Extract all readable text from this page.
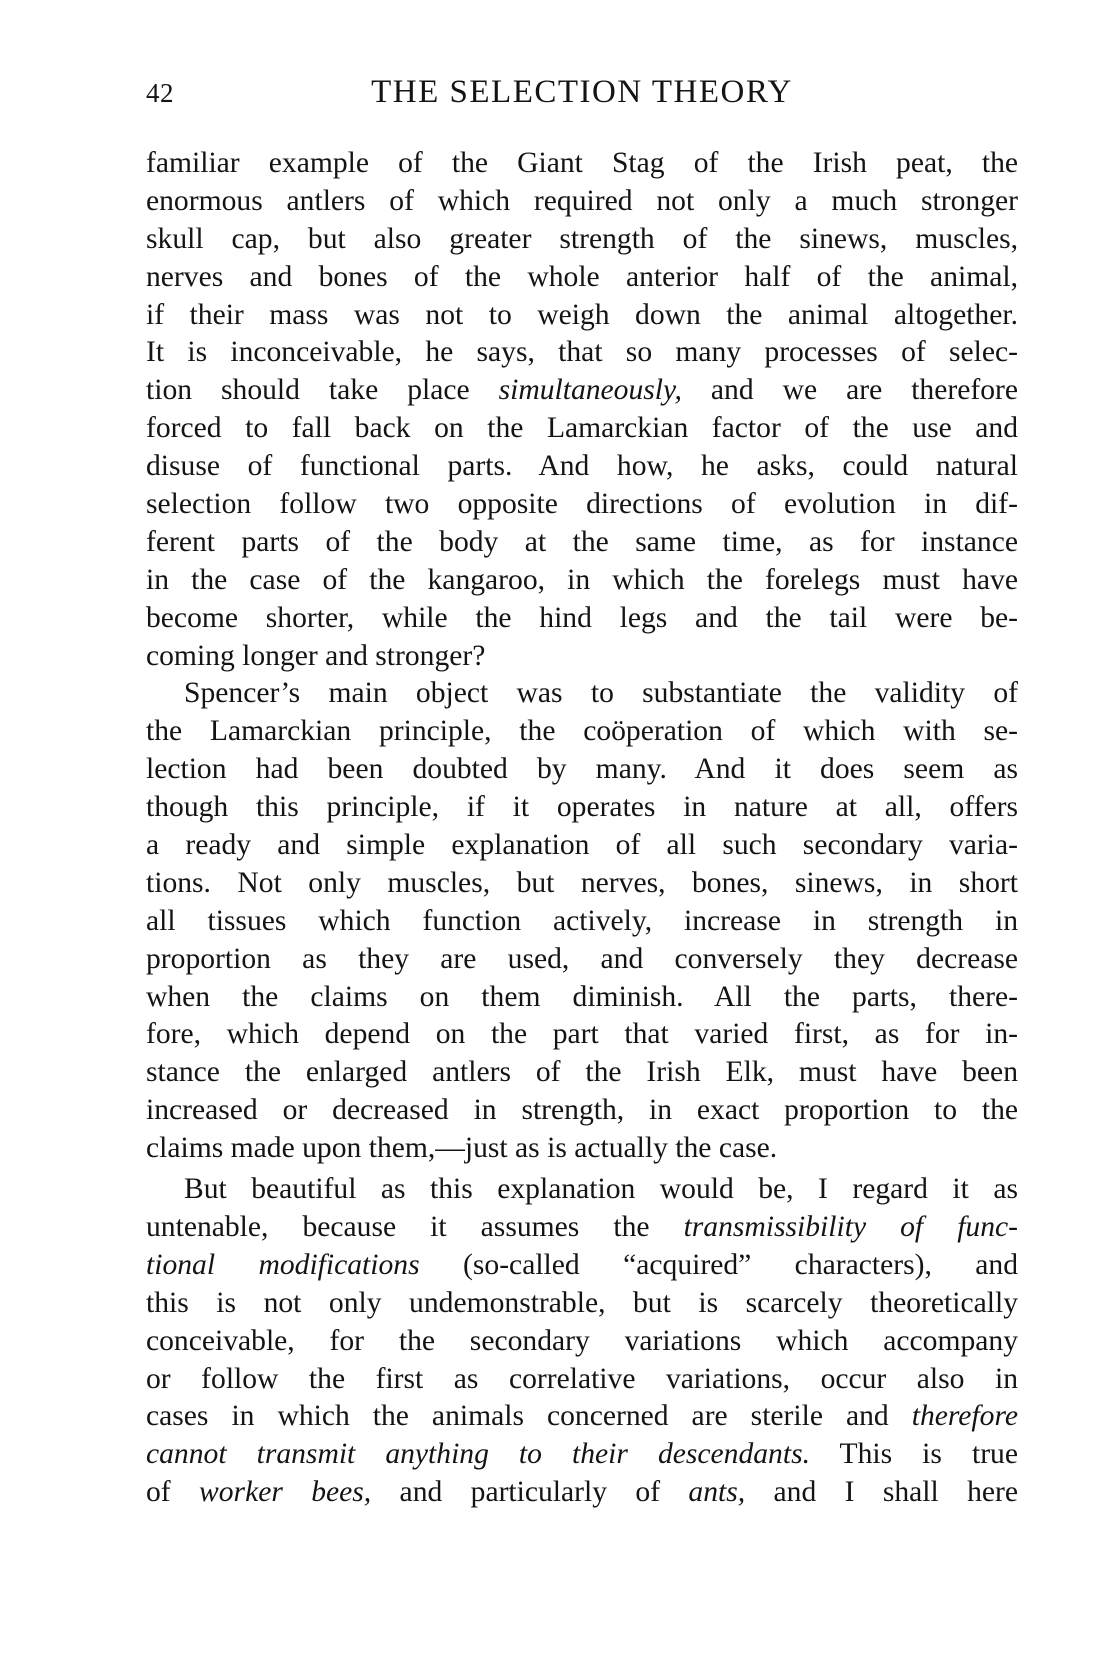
42	THE SELECTION THEORY
familiar example of the Giant Stag of the Irish peat, the
enormous antlers of which required not only a much stronger
skull cap, but also greater strength of the sinews, muscles,
nerves and bones of the whole anterior half of the animal,
if their mass was not to weigh down the animal altogether.
It is inconceivable, he says, that so many processes of selec-
tion should take place simultaneously, and we are therefore
forced to fall back on the Lamarckian factor of the use and
disuse of functional parts. And how, he asks, could natural
selection follow two opposite directions of evolution in dif-
ferent parts of the body at the same time, as for instance
in the case of the kangaroo, in which the forelegs must have
become shorter, while the hind legs and the tail were be-
coming longer and stronger?
Spencer’s main object was to substantiate the validity of
the Lamarckian principle, the coöperation of which with se-
lection had been doubted by many. And it does seem as
though this principle, if it operates in nature at all, offers
a ready and simple explanation of all such secondary varia-
tions. Not only muscles, but nerves, bones, sinews, in short
all tissues which function actively, increase in strength in
proportion as they are used, and conversely they decrease
when the claims on them diminish. All the parts, there-
fore, which depend on the part that varied first, as for in-
stance the enlarged antlers of the Irish Elk, must have been
increased or decreased in strength, in exact proportion to the
claims made upon them,—just as is actually the case.
But beautiful as this explanation would be, I regard it as
untenable, because it assumes the transmissibility of func-
tional modifications (so-called “acquired” characters), and
this is not only undemonstrable, but is scarcely theoretically
conceivable, for the secondary variations which accompany
or follow the first as correlative variations, occur also in
cases in which the animals concerned are sterile and therefore
cannot transmit anything to their descendants. This is true
of worker bees, and particularly of ants, and I shall here
